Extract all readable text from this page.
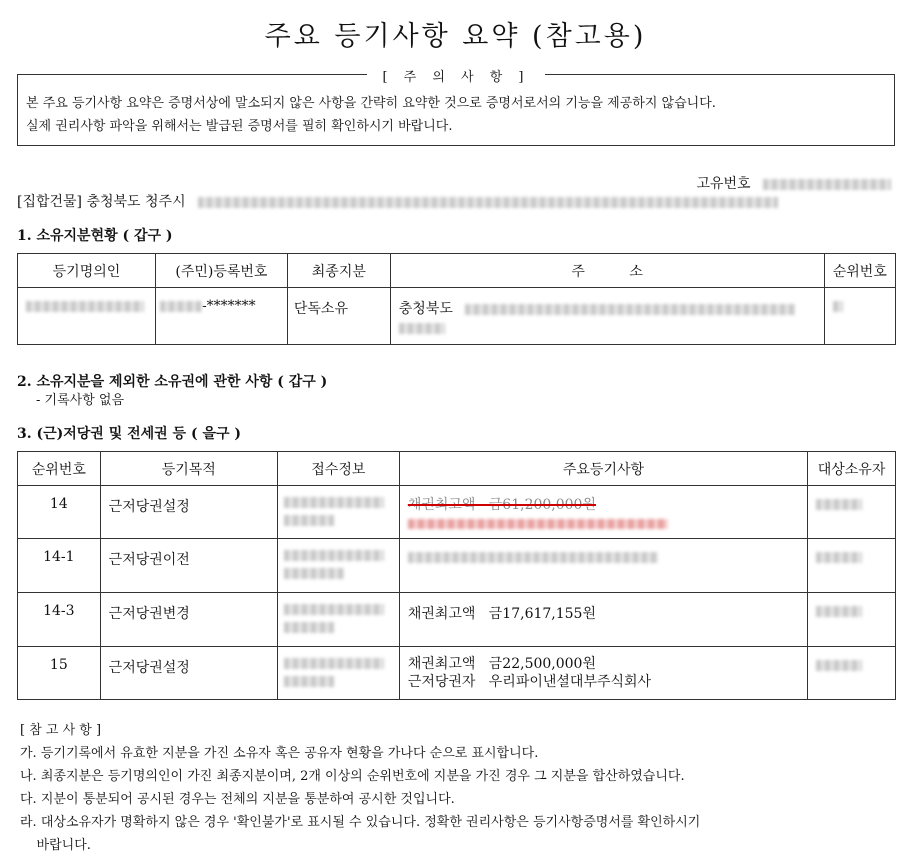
주요 등기사항 요약 (참고용)
[ 주 의 사 항 ]
본 주요 등기사항 요약은 증명서상에 말소되지 않은 사항을 간략히 요약한 것으로 증명서로서의 기능을 제공하지 않습니다.
실제 권리사항 파악을 위해서는 발급된 증명서를 필히 확인하시기 바랍니다.
고유번호
[집합건물] 충청북도 청주시
1. 소유지분현황 ( 갑구 )
등기명의인	(주민)등록번호	최종지분	주          소	순위번호
	-*******	단독소유	충청북도

2. 소유지분을 제외한 소유권에 관한 사항 ( 갑구 )
- 기록사항 없음
3. (근)저당권 및 전세권 등 ( 을구 )
순위번호	등기목적	접수정보	주요등기사항	대상소유자
14	근저당권설정		채권최고액   금61,200,000원

14-1	근저당권이전	

14-3	근저당권변경		채권최고액   금17,617,155원	
15	근저당권설정		채권최고액   금22,500,000원
근저당권자   우리파이낸셜대부주식회사	
[ 참 고 사 항 ]
가. 등기기록에서 유효한 지분을 가진 소유자 혹은 공유자 현황을 가나다 순으로 표시합니다.
나. 최종지분은 등기명의인이 가진 최종지분이며, 2개 이상의 순위번호에 지분을 가진 경우 그 지분을 합산하였습니다.
다. 지분이 통분되어 공시된 경우는 전체의 지분을 통분하여 공시한 것입니다.
라. 대상소유자가 명확하지 않은 경우 '확인불가'로 표시될 수 있습니다. 정확한 권리사항은 등기사항증명서를 확인하시기
바랍니다.
